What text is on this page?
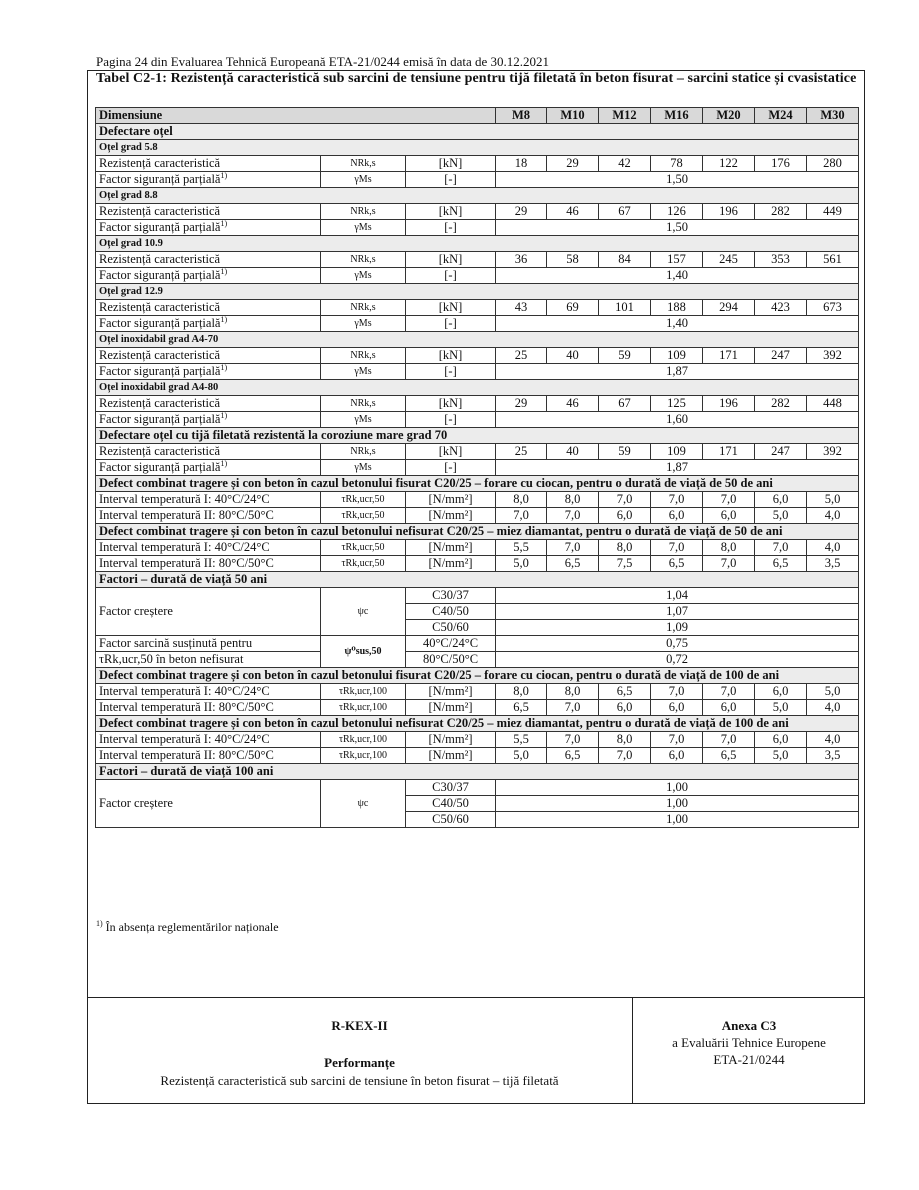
Pagina 24 din Evaluarea Tehnică Europeană ETA-21/0244 emisă în data de 30.12.2021
Tabel C2-1: Rezistență caracteristică sub sarcini de tensiune pentru tijă filetată în beton fisurat – sarcini statice și cvasistatice
Dimensiune			M8	M10	M12	M16	M20	M24	M30
Defectare oțel									
Oțel grad 5.8									
Rezistență caracteristică	NRk,s	[kN]	18	29	42	78	122	176	280
Factor siguranță parțială$^{1)}$	γMs	[-]	1,50						
Oțel grad 8.8									
Rezistență caracteristică	NRk,s	[kN]	29	46	67	126	196	282	449
Factor siguranță parțială$^{1)}$	γMs	[-]	1,50						
Oțel grad 10.9									
Rezistență caracteristică	NRk,s	[kN]	36	58	84	157	245	353	561
Factor siguranță parțială$^{1)}$	γMs	[-]	1,40						
Oțel grad 12.9									
Rezistență caracteristică	NRk,s	[kN]	43	69	101	188	294	423	673
Factor siguranță parțială$^{1)}$	γMs	[-]	1,40						
Oțel inoxidabil grad A4-70									
Rezistență caracteristică	NRk,s	[kN]	25	40	59	109	171	247	392
Factor siguranță parțială$^{1)}$	γMs	[-]	1,87						
Oțel inoxidabil grad A4-80									
Rezistență caracteristică	NRk,s	[kN]	29	46	67	125	196	282	448
Factor siguranță parțială$^{1)}$	γMs	[-]	1,60						
Defectare oțel cu tijă filetată rezistentă la coroziune mare grad 70									
Rezistență caracteristică	NRk,s	[kN]	25	40	59	109	171	247	392
Factor siguranță parțială$^{1)}$	γMs	[-]	1,87						
Defect combinat tragere și con beton în cazul betonului fisurat C20/25 – forare cu ciocan, pentru o durată de viață de 50 de ani									
Interval temperatură I: 40°C/24°C	τRk,ucr,50	[N/mm²]	8,0	8,0	7,0	7,0	7,0	6,0	5,0
Interval temperatură II: 80°C/50°C	τRk,ucr,50	[N/mm²]	7,0	7,0	6,0	6,0	6,0	5,0	4,0
Defect combinat tragere și con beton în cazul betonului nefisurat C20/25 – miez diamantat, pentru o durată de viață de 50 de ani									
Interval temperatură I: 40°C/24°C	τRk,ucr,50	[N/mm²]	5,5	7,0	8,0	7,0	8,0	7,0	4,0
Interval temperatură II: 80°C/50°C	τRk,ucr,50	[N/mm²]	5,0	6,5	7,5	6,5	7,0	6,5	3,5
Factori – durată de viață 50 ani									
Factor creștere	ψc	C30/37	1,04						
		C40/50	1,07						
		C50/60	1,09						
Factor sarcină susținută pentru	ψ⁰sus,50	40°C/24°C	0,75						
τRk,ucr,50 în beton nefisurat		80°C/50°C	0,72						
Defect combinat tragere și con beton în cazul betonului fisurat C20/25 – forare cu ciocan, pentru o durată de viață de 100 de ani									
Interval temperatură I: 40°C/24°C	τRk,ucr,100	[N/mm²]	8,0	8,0	6,5	7,0	7,0	6,0	5,0
Interval temperatură II: 80°C/50°C	τRk,ucr,100	[N/mm²]	6,5	7,0	6,0	6,0	6,0	5,0	4,0
Defect combinat tragere și con beton în cazul betonului nefisurat C20/25 – miez diamantat, pentru o durată de viață de 100 de ani									
Interval temperatură I: 40°C/24°C	τRk,ucr,100	[N/mm²]	5,5	7,0	8,0	7,0	7,0	6,0	4,0
Interval temperatură II: 80°C/50°C	τRk,ucr,100	[N/mm²]	5,0	6,5	7,0	6,0	6,5	5,0	3,5
Factori – durată de viață 100 ani									
Factor creștere	ψc	C30/37	1,00						
		C40/50	1,00						
		C50/60	1,00						
$^{1)}$ În absența reglementărilor naționale
R-KEX-II
Performanțe
Rezistență caracteristică sub sarcini de tensiune în beton fisurat – tijă filetată
Anexa C3
a Evaluării Tehnice Europene
ETA-21/0244
